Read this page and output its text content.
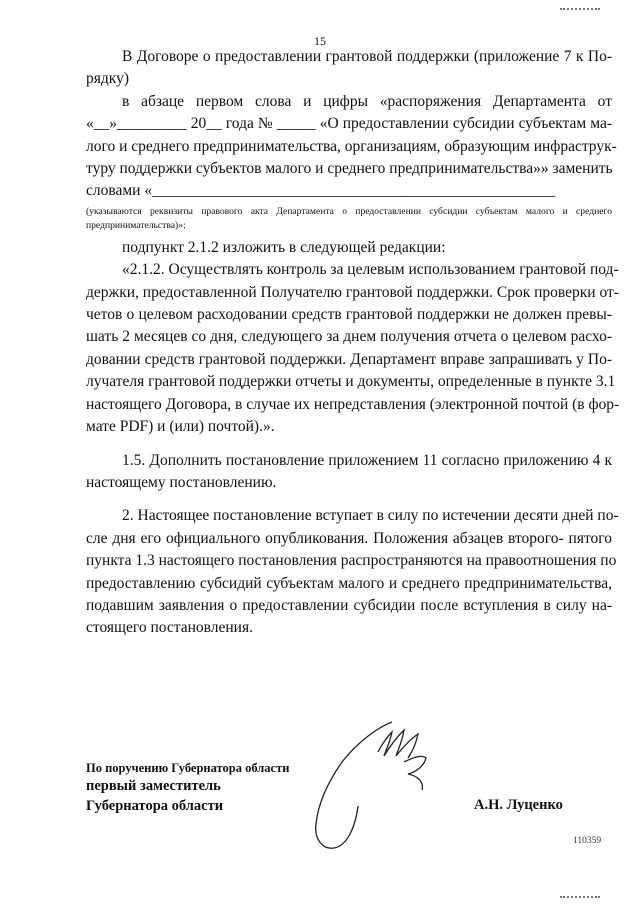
15

В Договоре о предоставлении грантовой поддержки (приложение 7 к По-
рядку)

в абзаце первом слова и цифры «распоряжения Департамента от
«__»_________ 20__ года № _____ «О предоставлении субсидии субъектам ма-
лого и среднего предпринимательства, организациям, образующим инфраструк-
туру поддержки субъектов малого и среднего предпринимательства»» заменить
словами «____________________________________________________

(указываются реквизиты правового акта Департамента о предоставлении субсидии субъектам малого и среднего
предпринимательства)»;

подпункт 2.1.2 изложить в следующей редакции:

«2.1.2. Осуществлять контроль за целевым использованием грантовой под-
держки, предоставленной Получателю грантовой поддержки. Срок проверки от-
четов о целевом расходовании средств грантовой поддержки не должен превы-
шать 2 месяцев со дня, следующего за днем получения отчета о целевом расхо-
довании средств грантовой поддержки. Департамент вправе запрашивать у По-
лучателя грантовой поддержки отчеты и документы, определенные в пункте 3.1
настоящего Договора, в случае их непредставления (электронной почтой (в фор-
мате PDF) и (или) почтой).».

1.5. Дополнить постановление приложением 11 согласно приложению 4 к
настоящему постановлению.

2. Настоящее постановление вступает в силу по истечении десяти дней по-
сле дня его официального опубликования. Положения абзацев второго- пятого
пункта 1.3 настоящего постановления распространяются на правоотношения по
предоставлению субсидий субъектам малого и среднего предпринимательства,
подавшим заявления о предоставлении субсидии после вступления в силу на-
стоящего постановления.

По поручению Губернатора области
первый заместитель
Губернатора области	А.Н. Луценко
110359
